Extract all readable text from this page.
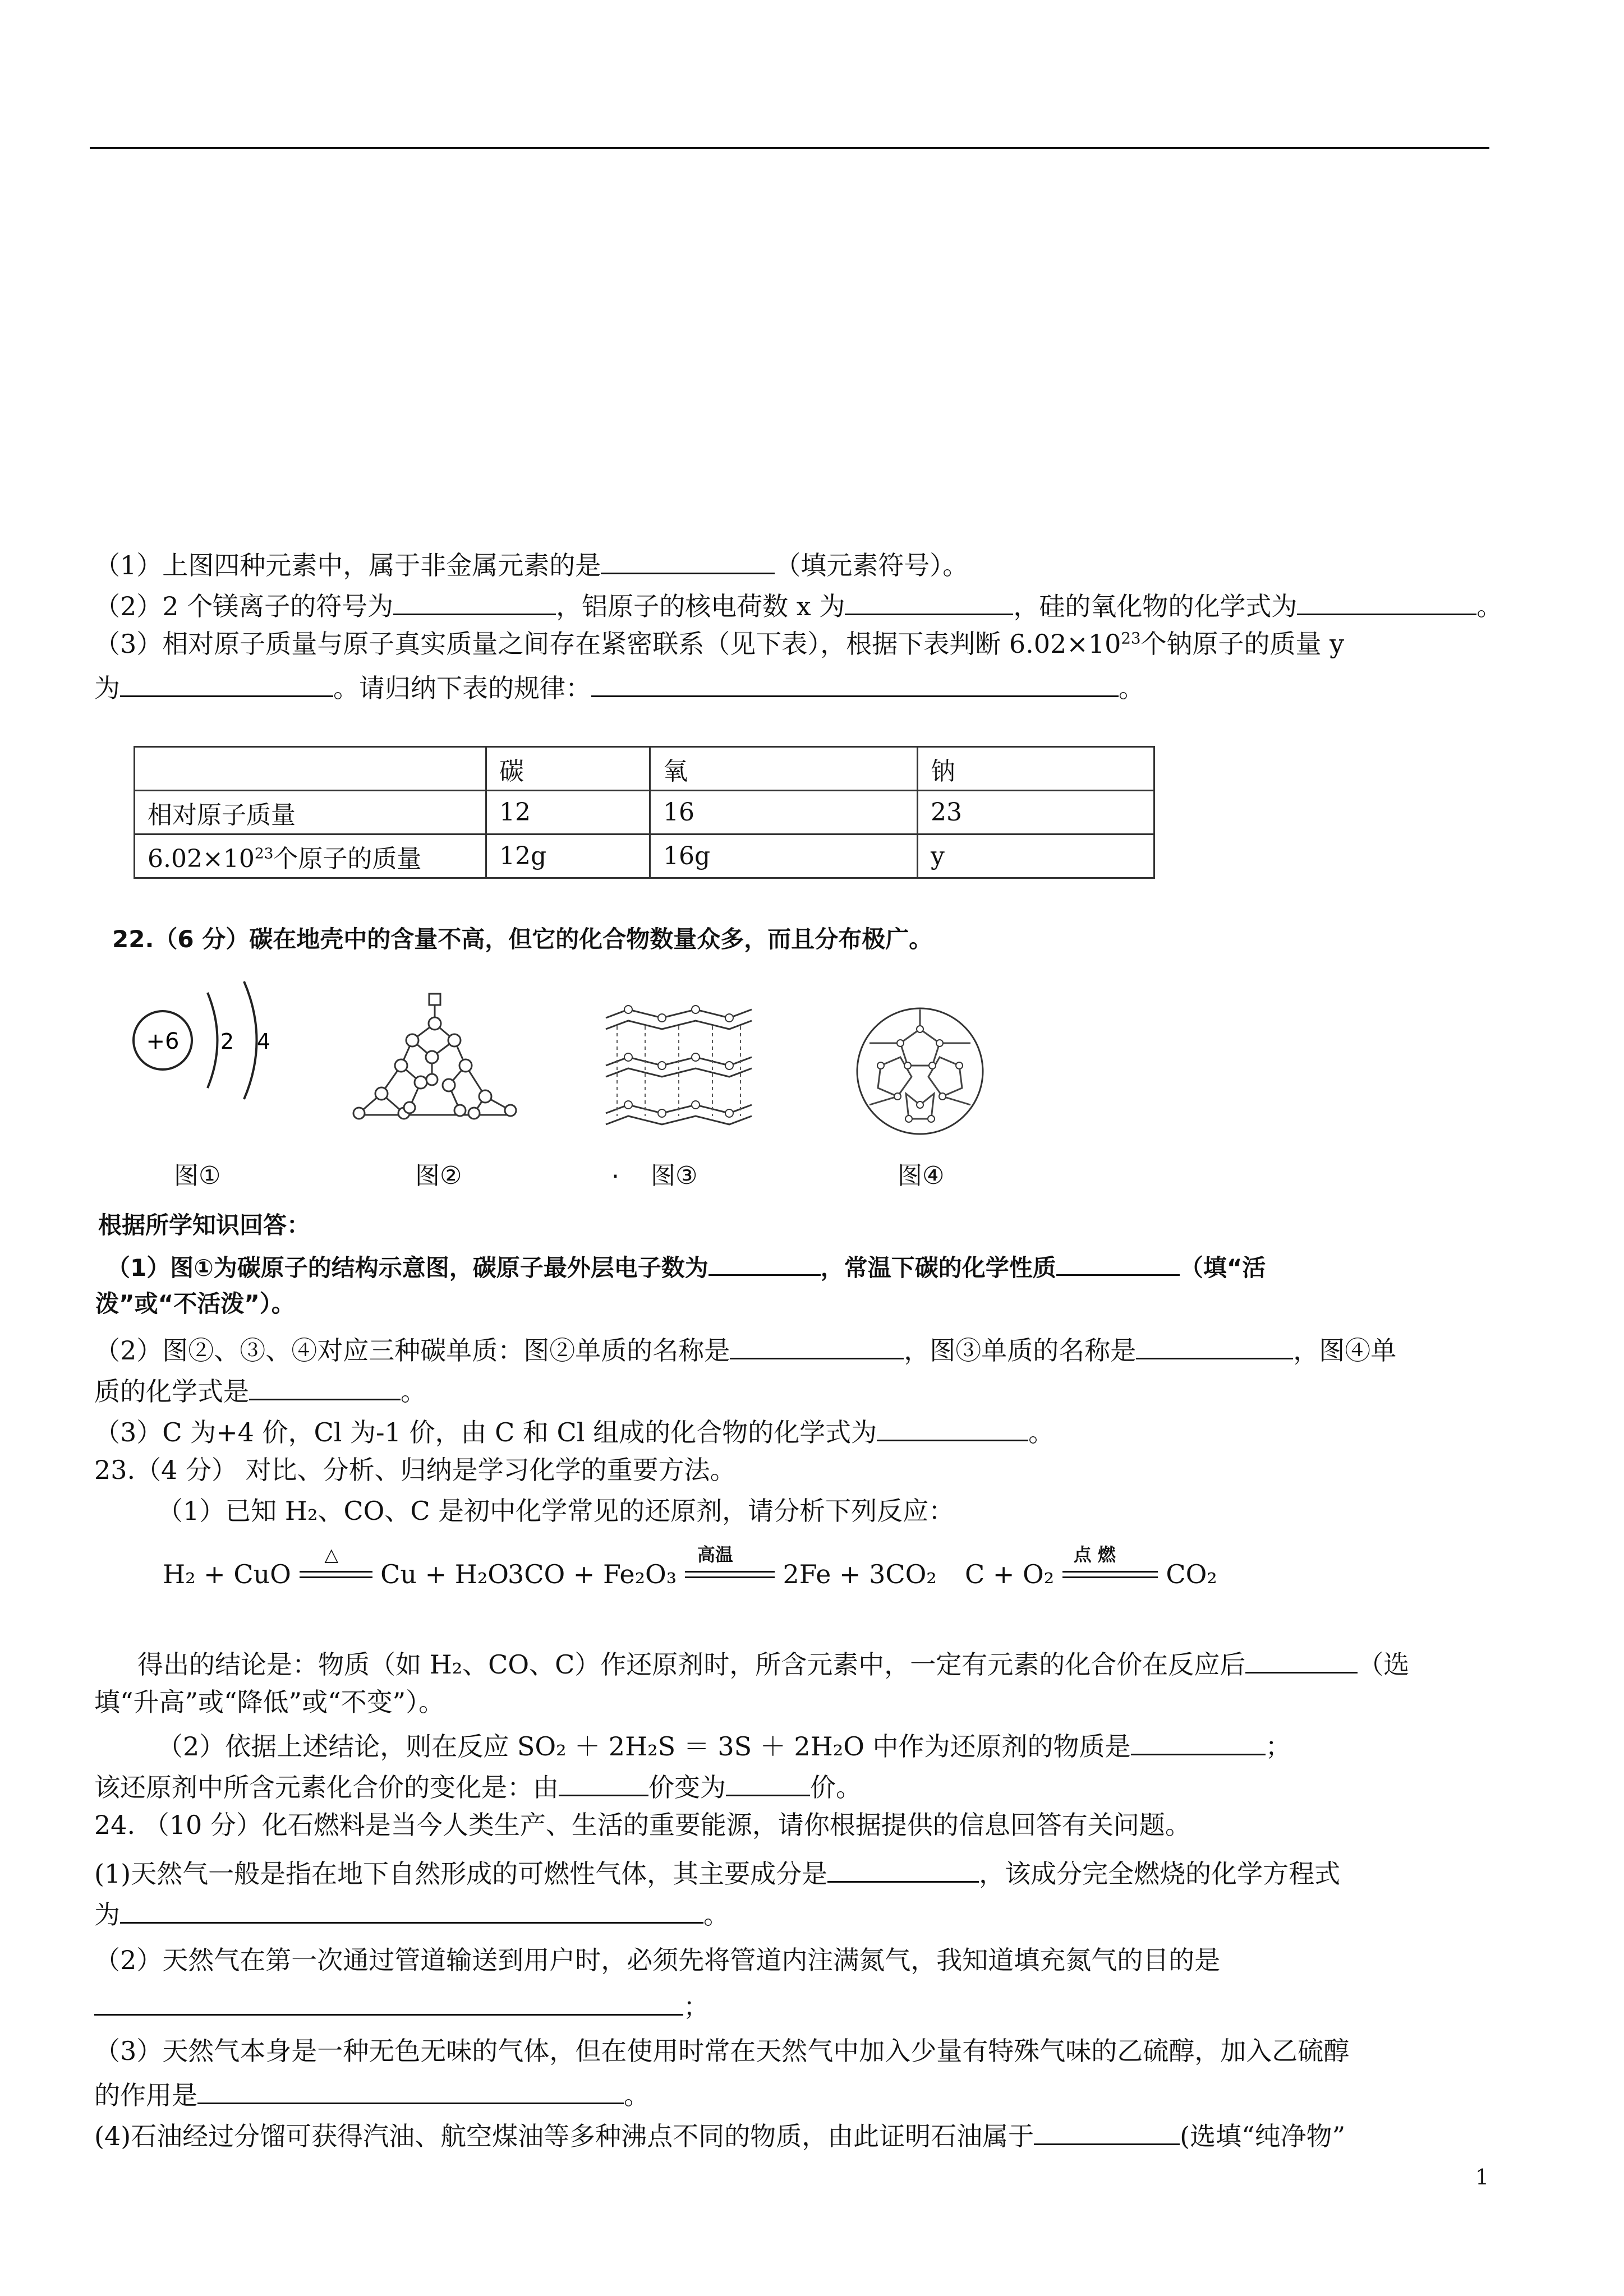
（1）上图四种元素中，属于非金属元素的是	（填元素符号）。
（2）2 个镁离子的符号为	，铝原子的核电荷数 x 为	，硅的氧化物的化学式为	。
（3）相对原子质量与原子真实质量之间存在紧密联系（见下表），根据下表判断 $6.02\times 10^{23}$个钠原子的质量 y
为	。请归纳下表的规律：	。
	碳	氧	钠
相对原子质量	12	16	23
$6.02\times 10^{23}$个原子的质量	12g	16g	y
22.（6 分）碳在地壳中的含量不高，但它的化合物数量众多，而且分布极广。
+6 2 4
图①	图②	. 图③	图④
根据所学知识回答：
（1）图①为碳原子的结构示意图，碳原子最外层电子数为	，常温下碳的化学性质	（填“活
泼”或“不活泼”）。
（2）图②、③、④对应三种碳单质：图②单质的名称是	，图③单质的名称是	，图④单
质的化学式是	。
（3）C 为+4 价，Cl 为-1 价，由 C 和 Cl 组成的化合物的化学式为	。
23.（4 分） 对比、分析、归纳是学习化学的重要方法。
（1）已知 H₂、CO、C 是初中化学常见的还原剂，请分析下列反应：
H₂ + CuO
△
Cu + H₂O
3CO + Fe₂O₃
高温
2Fe + 3CO₂ C + O₂
点 燃
CO₂
得出的结论是：物质（如 H₂、CO、C）作还原剂时，所含元素中，一定有元素的化合价在反应后	（选
填“升高”或“降低”或“不变”）。
（2）依据上述结论，则在反应 SO₂ ＋ 2H₂S ＝ 3S ＋ 2H₂O 中作为还原剂的物质是	；
该还原剂中所含元素化合价的变化是：由	价变为	价。
24. （10 分）化石燃料是当今人类生产、生活的重要能源，请你根据提供的信息回答有关问题。
(1)天然气一般是指在地下自然形成的可燃性气体，其主要成分是	，该成分完全燃烧的化学方程式
为	。
（2）天然气在第一次通过管道输送到用户时，必须先将管道内注满氮气，我知道填充氮气的目的是
；
（3）天然气本身是一种无色无味的气体，但在使用时常在天然气中加入少量有特殊气味的乙硫醇，加入乙硫醇
的作用是	。
(4)石油经过分馏可获得汽油、航空煤油等多种沸点不同的物质，由此证明石油属于	(选填“纯净物”
1
